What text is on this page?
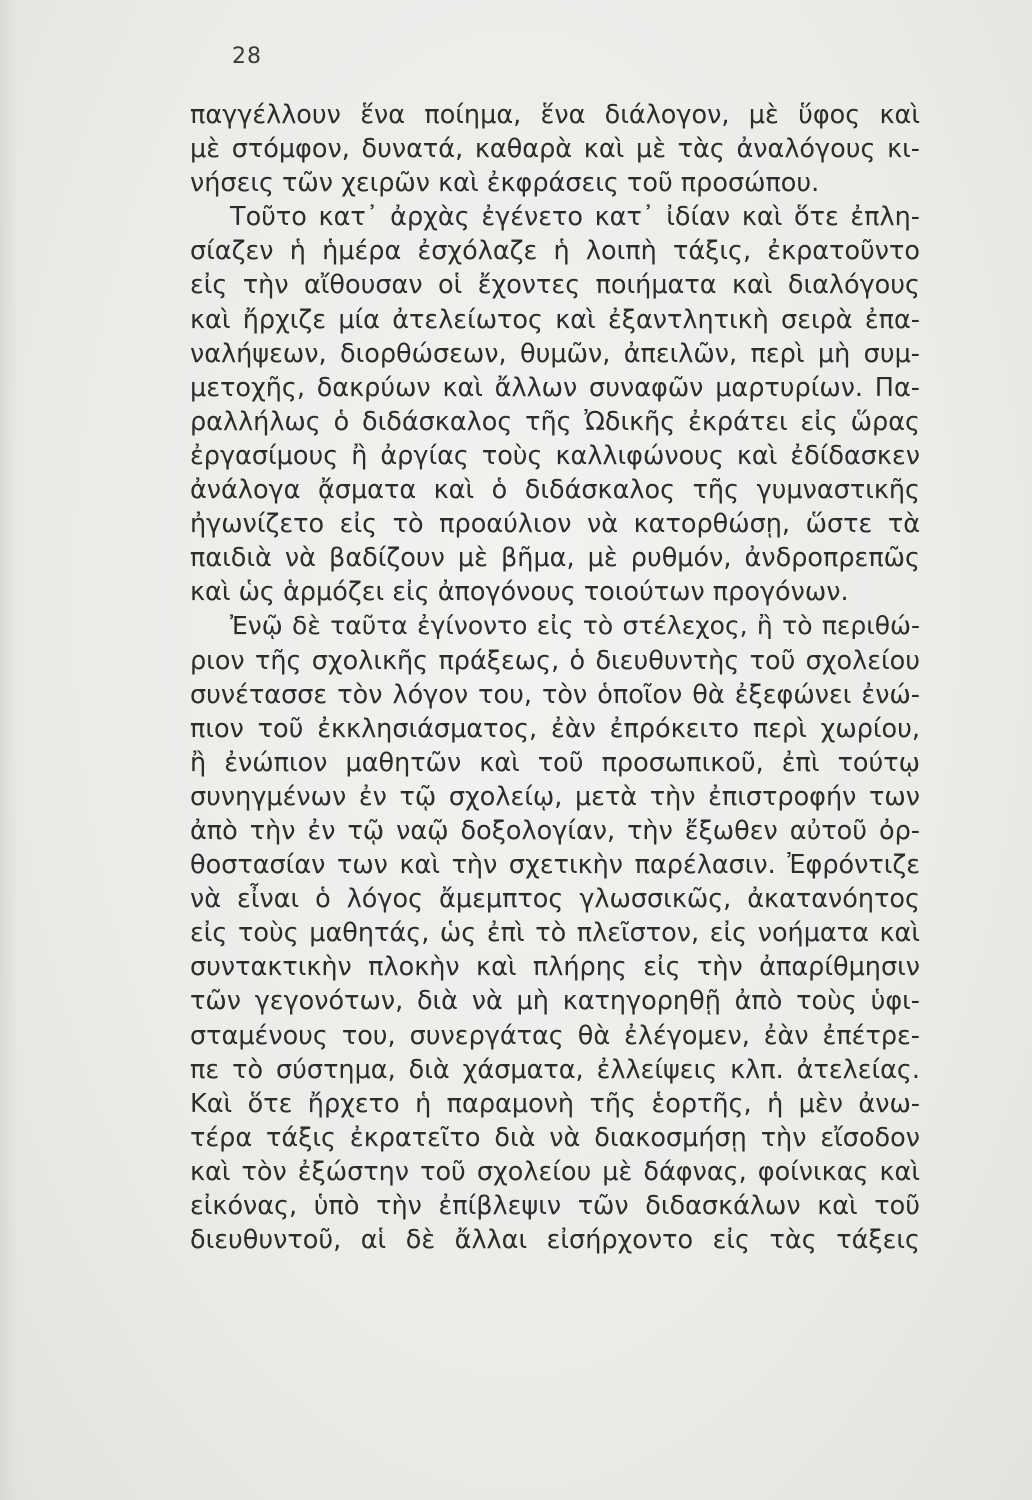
28
παγγέλλουν ἕνα ποίημα, ἕνα διάλογον, μὲ ὕφος καὶ
μὲ στόμφον, δυνατά, καθαρὰ καὶ μὲ τὰς ἀναλόγους κι-
νήσεις τῶν χειρῶν καὶ ἐκφράσεις τοῦ προσώπου.
Τοῦτο κατ᾽ ἀρχὰς ἐγένετο κατ᾽ ἰδίαν καὶ ὅτε ἐπλη-
σίαζεν ἡ ἡμέρα ἐσχόλαζε ἡ λοιπὴ τάξις, ἐκρατοῦντο
εἰς τὴν αἴθουσαν οἱ ἔχοντες ποιήματα καὶ διαλόγους
καὶ ἤρχιζε μία ἀτελείωτος καὶ ἐξαντλητικὴ σειρὰ ἐπα-
ναλήψεων, διορθώσεων, θυμῶν, ἀπειλῶν, περὶ μὴ συμ-
μετοχῆς, δακρύων καὶ ἄλλων συναφῶν μαρτυρίων. Πα-
ραλλήλως ὁ διδάσκαλος τῆς Ὠδικῆς ἐκράτει εἰς ὥρας
ἐργασίμους ἢ ἀργίας τοὺς καλλιφώνους καὶ ἐδίδασκεν
ἀνάλογα ᾄσματα καὶ ὁ διδάσκαλος τῆς γυμναστικῆς
ἠγωνίζετο εἰς τὸ προαύλιον νὰ κατορθώσῃ, ὥστε τὰ
παιδιὰ νὰ βαδίζουν μὲ βῆμα, μὲ ρυθμόν, ἀνδροπρεπῶς
καὶ ὡς ἁρμόζει εἰς ἀπογόνους τοιούτων προγόνων.
Ἐνῷ δὲ ταῦτα ἐγίνοντο εἰς τὸ στέλεχος, ἢ τὸ περιθώ-
ριον τῆς σχολικῆς πράξεως, ὁ διευθυντὴς τοῦ σχολείου
συνέτασσε τὸν λόγον του, τὸν ὁποῖον θὰ ἐξεφώνει ἐνώ-
πιον τοῦ ἐκκλησιάσματος, ἐὰν ἐπρόκειτο περὶ χωρίου,
ἢ ἐνώπιον μαθητῶν καὶ τοῦ προσωπικοῦ, ἐπὶ τούτῳ
συνηγμένων ἐν τῷ σχολείῳ, μετὰ τὴν ἐπιστροφήν των
ἀπὸ τὴν ἐν τῷ ναῷ δοξολογίαν, τὴν ἔξωθεν αὐτοῦ ὀρ-
θοστασίαν των καὶ τὴν σχετικὴν παρέλασιν. Ἐφρόντιζε
νὰ εἶναι ὁ λόγος ἄμεμπτος γλωσσικῶς, ἀκατανόητος
εἰς τοὺς μαθητάς, ὡς ἐπὶ τὸ πλεῖστον, εἰς νοήματα καὶ
συντακτικὴν πλοκὴν καὶ πλήρης εἰς τὴν ἀπαρίθμησιν
τῶν γεγονότων, διὰ νὰ μὴ κατηγορηθῇ ἀπὸ τοὺς ὑφι-
σταμένους του, συνεργάτας θὰ ἐλέγομεν, ἐὰν ἐπέτρε-
πε τὸ σύστημα, διὰ χάσματα, ἐλλείψεις κλπ. ἀτελείας.
Καὶ ὅτε ἤρχετο ἡ παραμονὴ τῆς ἑορτῆς, ἡ μὲν ἀνω-
τέρα τάξις ἐκρατεῖτο διὰ νὰ διακοσμήσῃ τὴν εἴσοδον
καὶ τὸν ἐξώστην τοῦ σχολείου μὲ δάφνας, φοίνικας καὶ
εἰκόνας, ὑπὸ τὴν ἐπίβλεψιν τῶν διδασκάλων καὶ τοῦ
διευθυντοῦ, αἱ δὲ ἄλλαι εἰσήρχοντο εἰς τὰς τάξεις
